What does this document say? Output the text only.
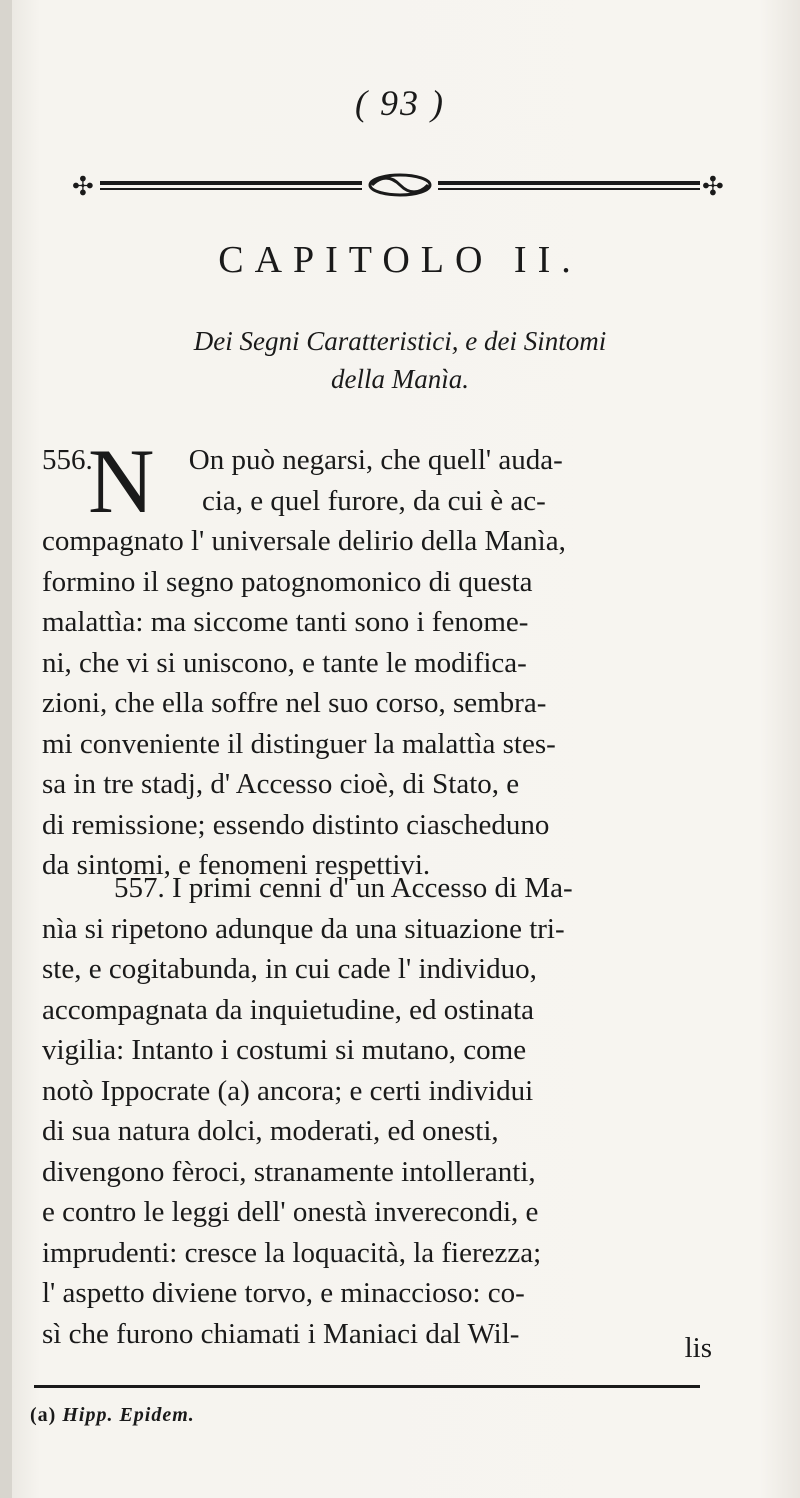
( 93 )
✣	✣
CAPITOLO II.
Dei Segni Caratteristici, e dei Sintomi
della Manìa.
N
556.	On può negarsi, che quell' auda-
cia, e quel furore, da cui è ac-
compagnato l' universale delirio della Manìa,
formino il segno patognomonico di questa
malattìa: ma siccome tanti sono i fenome-
ni, che vi si uniscono, e tante le modifica-
zioni, che ella soffre nel suo corso, sembra-
mi conveniente il distinguer la malattìa stes-
sa in tre stadj, d' Accesso cioè, di Stato, e
di remissione; essendo distinto ciascheduno
da sintomi, e fenomeni respettivi.
557. I primi cenni d' un Accesso di Ma-
nìa si ripetono adunque da una situazione tri-
ste, e cogitabunda, in cui cade l' individuo,
accompagnata da inquietudine, ed ostinata
vigilia: Intanto i costumi si mutano, come
notò Ippocrate (a) ancora; e certi individui
di sua natura dolci, moderati, ed onesti,
divengono fèroci, stranamente intolleranti,
e contro le leggi dell' onestà inverecondi, e
imprudenti: cresce la loquacità, la fierezza;
l' aspetto diviene torvo, e minaccioso: co-
sì che furono chiamati i Maniaci dal Wil-	lis
(a) Hipp. Epidem.
